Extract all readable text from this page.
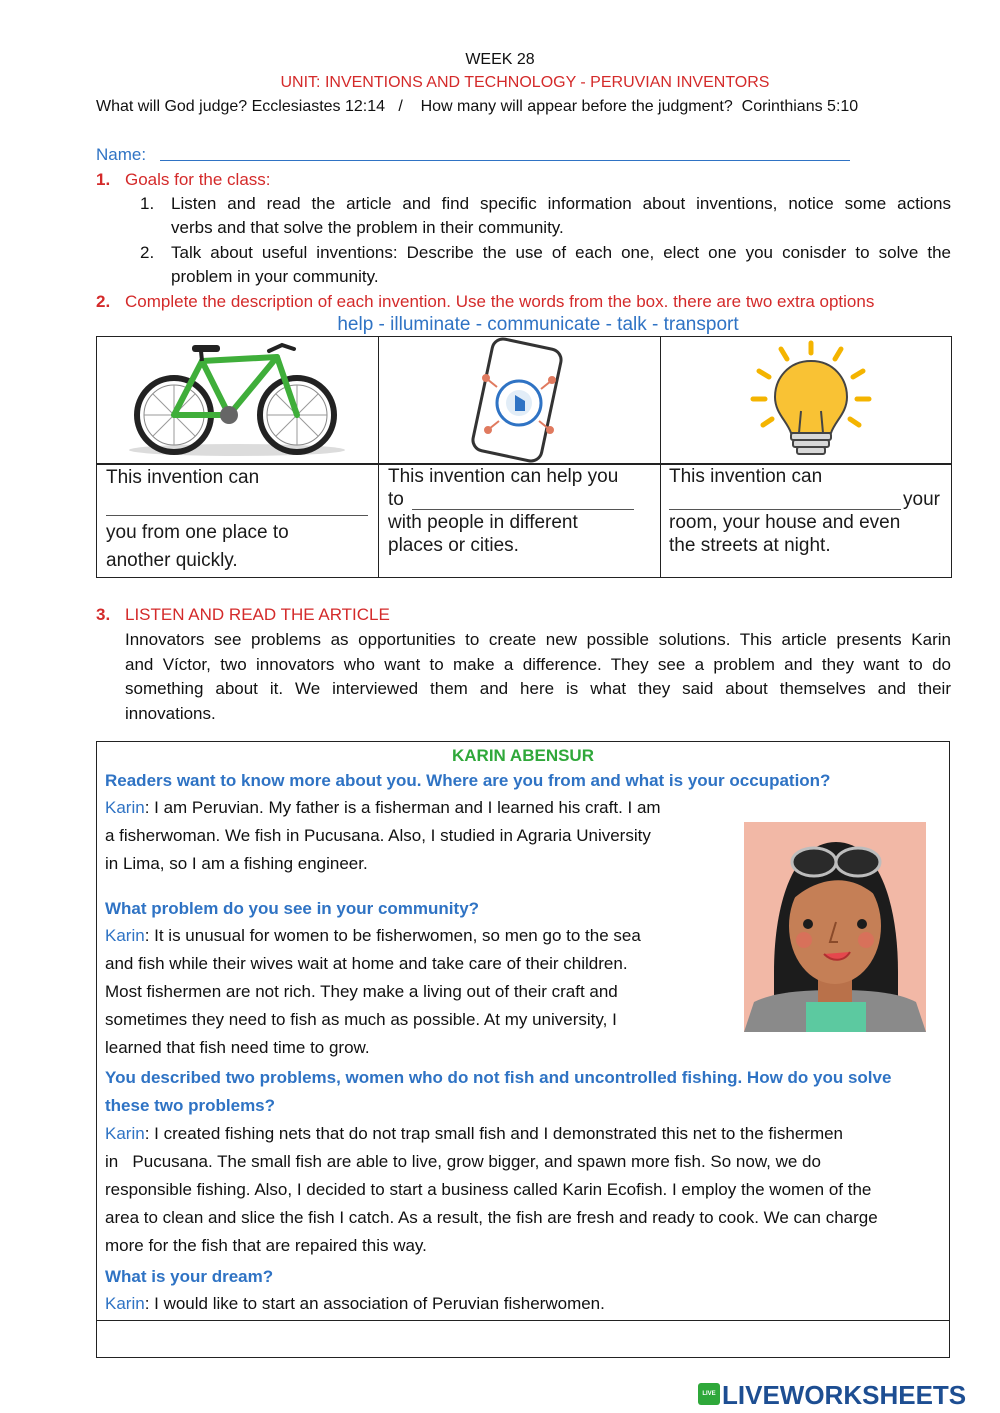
WEEK 28
UNIT: INVENTIONS AND TECHNOLOGY - PERUVIAN INVENTORS
What will God judge? Ecclesiastes 12:14   /    How many will appear before the judgment?  Corinthians 5:10
Name:
1. Goals for the class:
1. Listen and read the article and find specific information about inventions, notice some actions
verbs and that solve the problem in their community.
2. Talk about useful inventions: Describe the use of each one, elect one you conisder to solve the
problem in your community.
2. Complete the description of each invention. Use the words from the box. there are two extra options
help - illuminate - communicate - talk - transport
This invention can
you from one place to
another quickly.
This invention can help you
to
with people in different
places or cities.
This invention can
your
room, your house and even
the streets at night.
3. LISTEN AND READ THE ARTICLE
Innovators see problems as opportunities to create new possible solutions. This article presents Karin
and Víctor, two innovators who want to make a difference. They see a problem and they want to do
something about it. We interviewed them and here is what they said about themselves and their
innovations.
KARIN ABENSUR
Readers want to know more about you. Where are you from and what is your occupation?
Karin: I am Peruvian. My father is a fisherman and I learned his craft. I am
a fisherwoman. We fish in Pucusana. Also, I studied in Agraria University
in Lima, so I am a fishing engineer.
What problem do you see in your community?
Karin: It is unusual for women to be fisherwomen, so men go to the sea
and fish while their wives wait at home and take care of their children.
Most fishermen are not rich. They make a living out of their craft and
sometimes they need to fish as much as possible. At my university, I
learned that fish need time to grow.
You described two problems, women who do not fish and uncontrolled fishing. How do you solve
these two problems?
Karin: I created fishing nets that do not trap small fish and I demonstrated this net to the fishermen
in   Pucusana. The small fish are able to live, grow bigger, and spawn more fish. So now, we do
responsible fishing. Also, I decided to start a business called Karin Ecofish. I employ the women of the
area to clean and slice the fish I catch. As a result, the fish are fresh and ready to cook. We can charge
more for the fish that are repaired this way.
What is your dream?
Karin: I would like to start an association of Peruvian fisherwomen.
LIVE LIVEWORKSHEETS
